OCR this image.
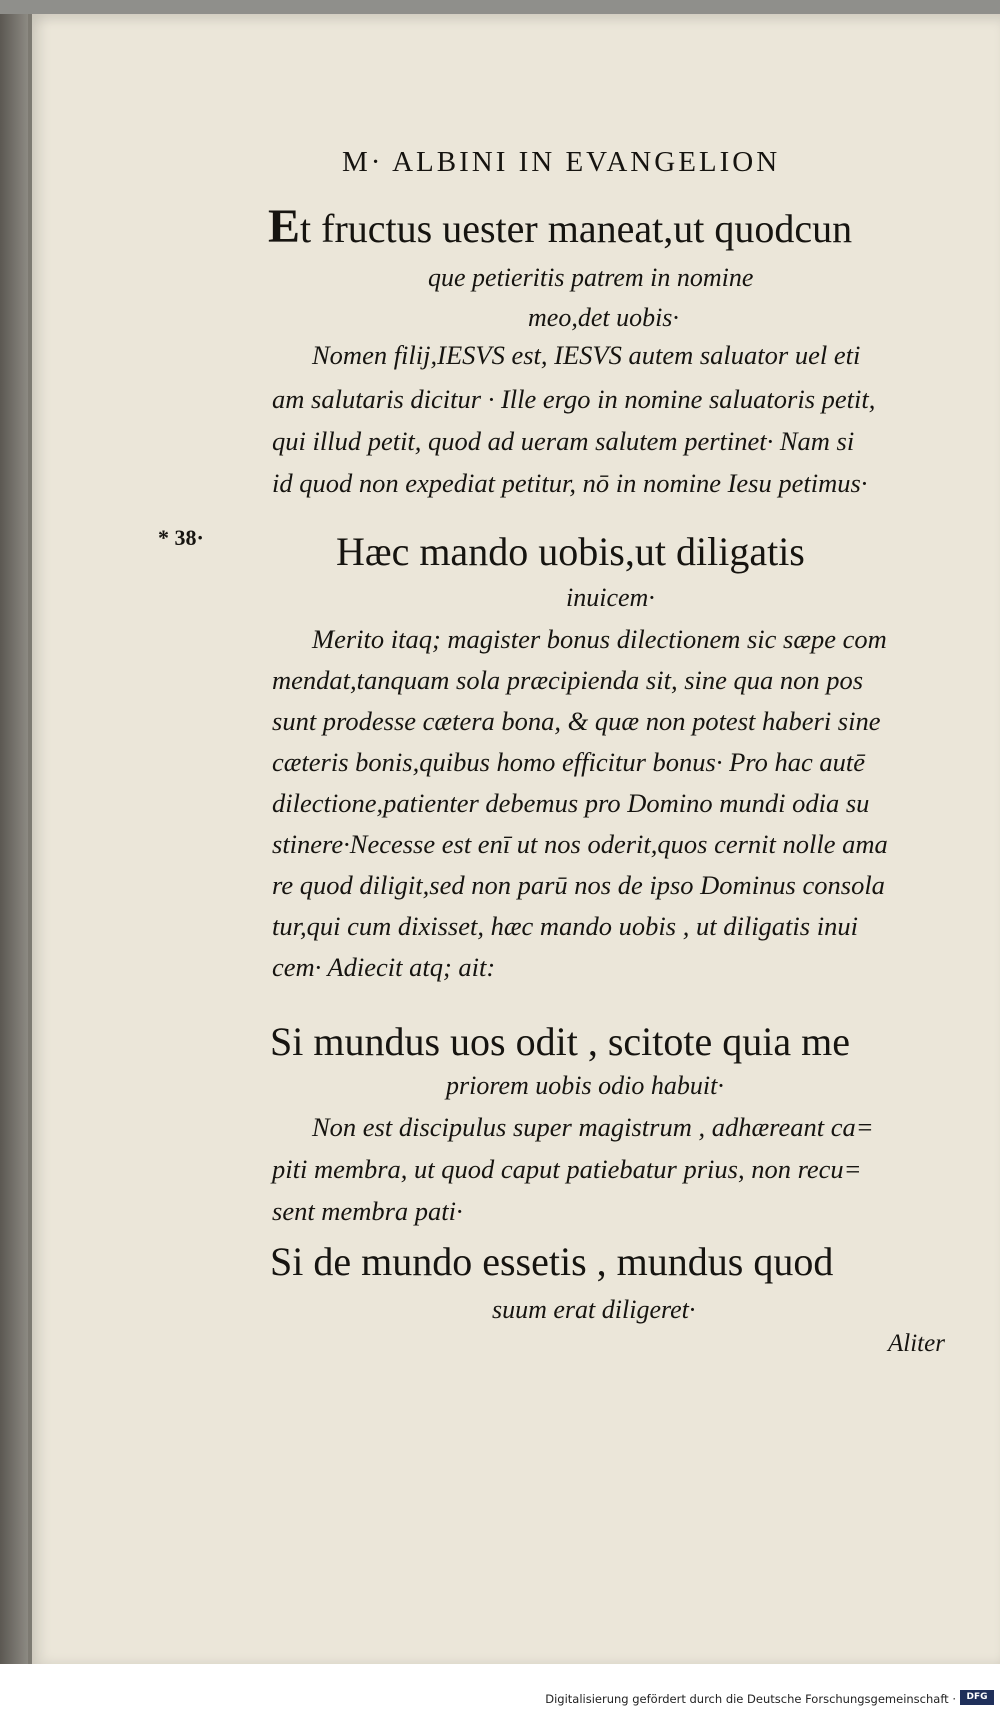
M· ALBINI IN EVANGELION
Et fructus uester maneat,ut quodcun
que petieritis patrem in nomine
meo,det uobis·
Nomen filij,IESVS est, IESVS autem saluator uel eti
am salutaris dicitur · Ille ergo in nomine saluatoris petit,
qui illud petit, quod ad ueram salutem pertinet· Nam si
id quod non expediat petitur, nō in nomine Iesu petimus·
* 38·	Hæc mando uobis,ut diligatis
inuicem·
Merito itaq; magister bonus dilectionem sic sæpe com
mendat,tanquam sola præcipienda sit, sine qua non pos
sunt prodesse cætera bona, & quæ non potest haberi sine
cæteris bonis,quibus homo efficitur bonus· Pro hac autē
dilectione,patienter debemus pro Domino mundi odia su
stinere·Necesse est enī ut nos oderit,quos cernit nolle ama
re quod diligit,sed non parū nos de ipso Dominus consola
tur,qui cum dixisset, hæc mando uobis , ut diligatis inui
cem· Adiecit atq; ait:
Si mundus uos odit , scitote quia me
priorem uobis odio habuit·
Non est discipulus super magistrum , adhæreant ca=
piti membra, ut quod caput patiebatur prius, non recu=
sent membra pati·
Si de mundo essetis , mundus quod
suum erat diligeret·
Aliter
Digitalisierung gefördert durch die Deutsche Forschungsgemeinschaft ·	DFG
